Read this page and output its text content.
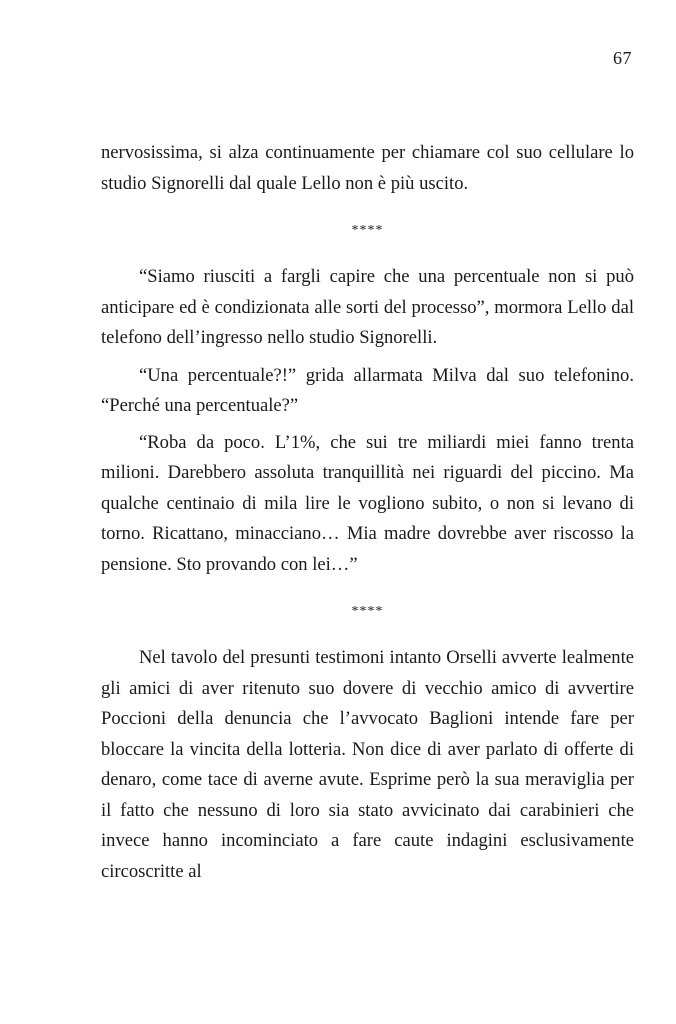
67

nervosissima, si alza continuamente per chiamare col suo cellulare lo studio Signorelli dal quale Lello non è più uscito.

****

“Siamo riusciti a fargli capire che una percentuale non si può anticipare ed è condizionata alle sorti del processo”, mormora Lello dal telefono dell’ingresso nello studio Signorelli.

“Una percentuale?!” grida allarmata Milva dal suo telefonino. “Perché una percentuale?”

“Roba da poco. L’1%, che sui tre miliardi miei fanno trenta milioni. Darebbero assoluta tranquillità nei riguardi del piccino. Ma qualche centinaio di mila lire le vogliono subito, o non si levano di torno. Ricattano, minacciano… Mia madre dovrebbe aver riscosso la pensione. Sto provando con lei…”

****

Nel tavolo del presunti testimoni intanto Orselli avverte lealmente gli amici di aver ritenuto suo dovere di vecchio amico di avvertire Poccioni della denuncia che l’avvocato Baglioni intende fare per bloccare la vincita della lotteria. Non dice di aver parlato di offerte di denaro, come tace di averne avute. Esprime però la sua meraviglia per il fatto che nessuno di loro sia stato avvicinato dai carabinieri che invece hanno incominciato a fare caute indagini esclusivamente circoscritte al
